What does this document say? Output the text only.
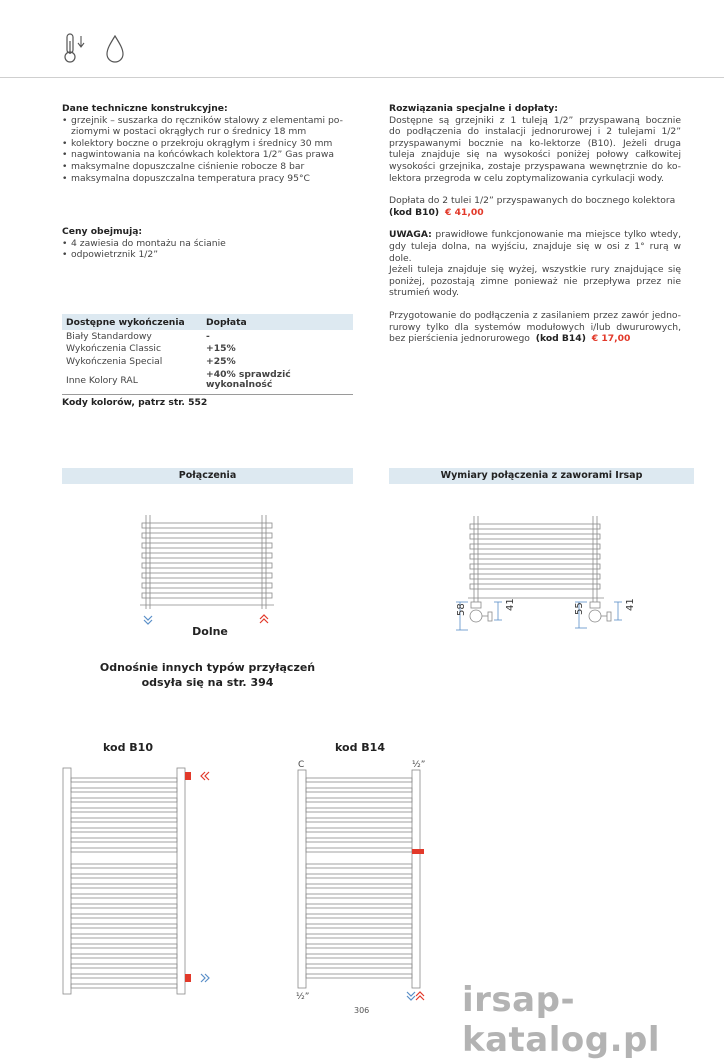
Dane techniczne konstrukcyjne:
• grzejnik – suszarka do ręczników stalowy z elementami po-
ziomymi w postaci okrągłych rur o średnicy 18 mm
• kolektory boczne o przekroju okrągłym i średnicy 30 mm
• nagwintowania na końcówkach kolektora 1/2” Gas prawa
• maksymalne dopuszczalne ciśnienie robocze 8 bar
• maksymalna dopuszczalna temperatura pracy 95°C
Ceny obejmują:
• 4 zawiesia do montażu na ścianie
• odpowietrznik 1/2”
Dostępne wykończenia	Dopłata
Biały Standardowy	-
Wykończenia Classic	+15%
Wykończenia Special	+25%
Inne Kolory RAL	+40% sprawdzić
wykonalność
Kody kolorów, patrz str. 552
Rozwiązania specjalne i dopłaty:
Dostępne są grzejniki z 1 tuleją 1/2” przyspawaną bocznie
do podłączenia do instalacji jednorurowej i 2 tulejami 1/2”
przyspawanymi bocznie na ko-lektorze (B10). Jeżeli druga
tuleja znajduje się na wysokości poniżej połowy całkowitej
wysokości grzejnika, zostaje przyspawana wewnętrznie do ko-
lektora przegroda w celu zoptymalizowania cyrkulacji wody.
Dopłata do 2 tulei 1/2” przyspawanych do bocznego kolektora
(kod B10) € 41,00
UWAGA: prawidłowe funkcjonowanie ma miejsce tylko wtedy,
gdy tuleja dolna, na wyjściu, znajduje się w osi z 1° rurą w dole.
Jeżeli tuleja znajduje się wyżej, wszystkie rury znajdujące się
poniżej, pozostają zimne ponieważ nie przepływa przez nie
strumień wody.
Przygotowanie do podłączenia z zasilaniem przez zawór jedno-
rurowy tylko dla systemów modułowych i/lub dwururowych,
bez pierścienia jednorurowego (kod B14) € 17,00
Połączenia	Wymiary połączenia z zaworami Irsap
Dolne
Odnośnie innych typów przyłączeń
odsyła się na str. 394
58	41	55	41
kod B10	kod B14
C	½”
½”
306	irsap-katalog.pl
